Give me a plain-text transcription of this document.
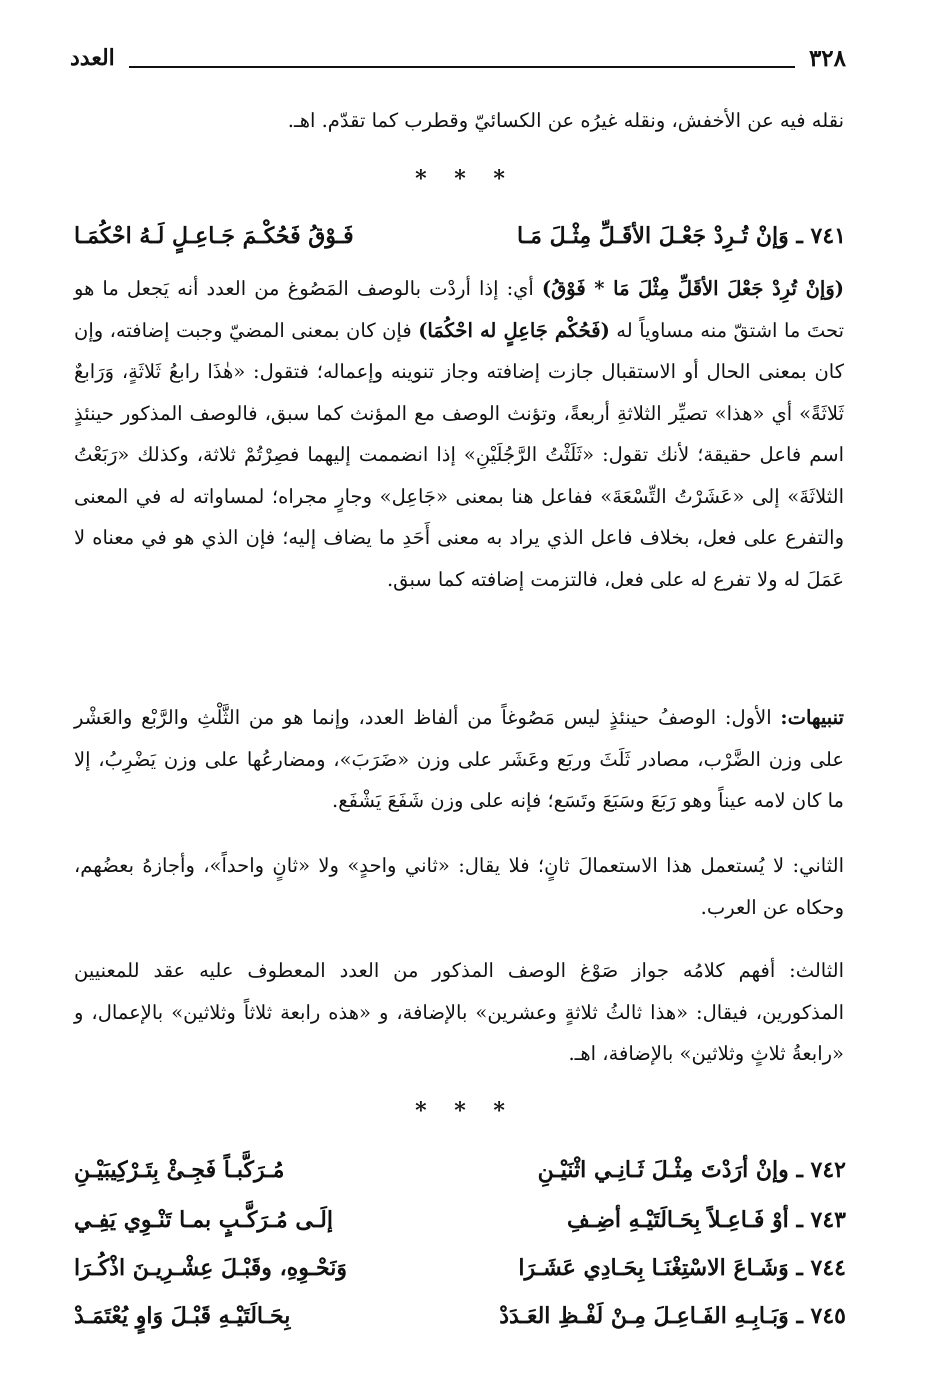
٣٢٨
العدد

نقله فيه عن الأخفش، ونقله غيرُه عن الكسائيّ وقطرب كما تقدّم. اهـ.

* * *
٧٤١ ـ وَإنْ تُـرِدْ جَعْـلَ الأقَـلِّ مِثْـلَ مَـا
فَـوْقُ فَحُكْـمَ جَـاعِـلٍ لَـهُ احْكُمَـا

(وَإنْ تُرِدْ جَعْلَ الأقَلِّ مِثْلَ مَا * فَوْقُ) أي: إذا أردْت بالوصف المَصُوغ من العدد أنه يَجعل ما هو تحتَ ما اشتقّ منه مساوياً له (فَحُكْم جَاعِلٍ له احْكُمَا) فإن كان بمعنى المضيّ وجبت إضافته، وإن كان بمعنى الحال أو الاستقبال جازت إضافته وجاز تنوينه وإعماله؛ فتقول: «هٰذَا رابعُ ثَلاثَةٍ، وَرَابعٌ ثَلاثَةً» أي «هذا» تصيِّر الثلاثةِ أربعةً، وتؤنث الوصف مع المؤنث كما سبق، فالوصف المذكور حينئذٍ اسم فاعل حقيقة؛ لأنك تقول: «ثَلَثْتُ الرَّجُلَيْنِ» إذا انضممت إليهما فصِرْتُمْ ثلاثة، وكذلك «رَبَعْتُ الثلاثَةَ» إلى «عَشَرْتُ التِّسْعَةَ» ففاعل هنا بمعنى «جَاعِل» وجارٍ مجراه؛ لمساواته له في المعنى والتفرع على فعل، بخلاف فاعل الذي يراد به معنى أَحَدِ ما يضاف إليه؛ فإن الذي هو في معناه لا عَمَلَ له ولا تفرع له على فعل، فالتزمت إضافته كما سبق.

تنبيهات: الأول: الوصفُ حينئذٍ ليس مَصُوغاً من ألفاظ العدد، وإنما هو من الثَّلْثِ والرَّبْع والعَشْر على وزن الضَّرْب، مصادر ثَلَثَ وربَع وعَشَر على وزن «ضَرَبَ»، ومضارعُها على وزن يَضْرِبُ، إلا ما كان لامه عيناً وهو رَبَعَ وسَبَعَ وتَسَع؛ فإنه على وزن شَفَعَ يَشْفَع.

الثاني: لا يُستعمل هذا الاستعمالَ ثانٍ؛ فلا يقال: «ثاني واحدٍ» ولا «ثانٍ واحداً»، وأجازهُ بعضُهم، وحكاه عن العرب.

الثالث: أفهم كلامُه جواز صَوْغ الوصف المذكور من العدد المعطوف عليه عقد للمعنيين المذكورين، فيقال: «هذا ثالثُ ثلاثةٍ وعشرين» بالإضافة، و «هذه رابعة ثلاثاً وثلاثين» بالإعمال، و «رابعةُ ثلاثٍ وثلاثين» بالإضافة، اهـ.

* * *
٧٤٢ ـ وإنْ أرَدْتَ مِثْـلَ ثَـانِـي اثْنَيْـنِ
مُـرَكَّبـاً فَجِـئْ بِتَـرْكِيبَيْـنِ
٧٤٣ ـ أوْ فَـاعِـلاً بِحَـالَتَيْـهِ أضِـفِ
إلَـى مُـرَكَّـبٍ بمـا تَنْـوِي يَفِـي
٧٤٤ ـ وَشَـاعَ الاسْتِغْنَـا بِحَـادِي عَشَـرَا
وَنَحْـوِهِ، وقَبْـلَ عِشْـرِيـنَ اذْكُـرَا
٧٤٥ ـ وَبَـابِـهِ الفَـاعِـلَ مِـنْ لَفْـظِ العَـدَدْ
بِحَـالَتَيْـهِ قَبْـلَ وَاوٍ يُعْتَمَـدْ
